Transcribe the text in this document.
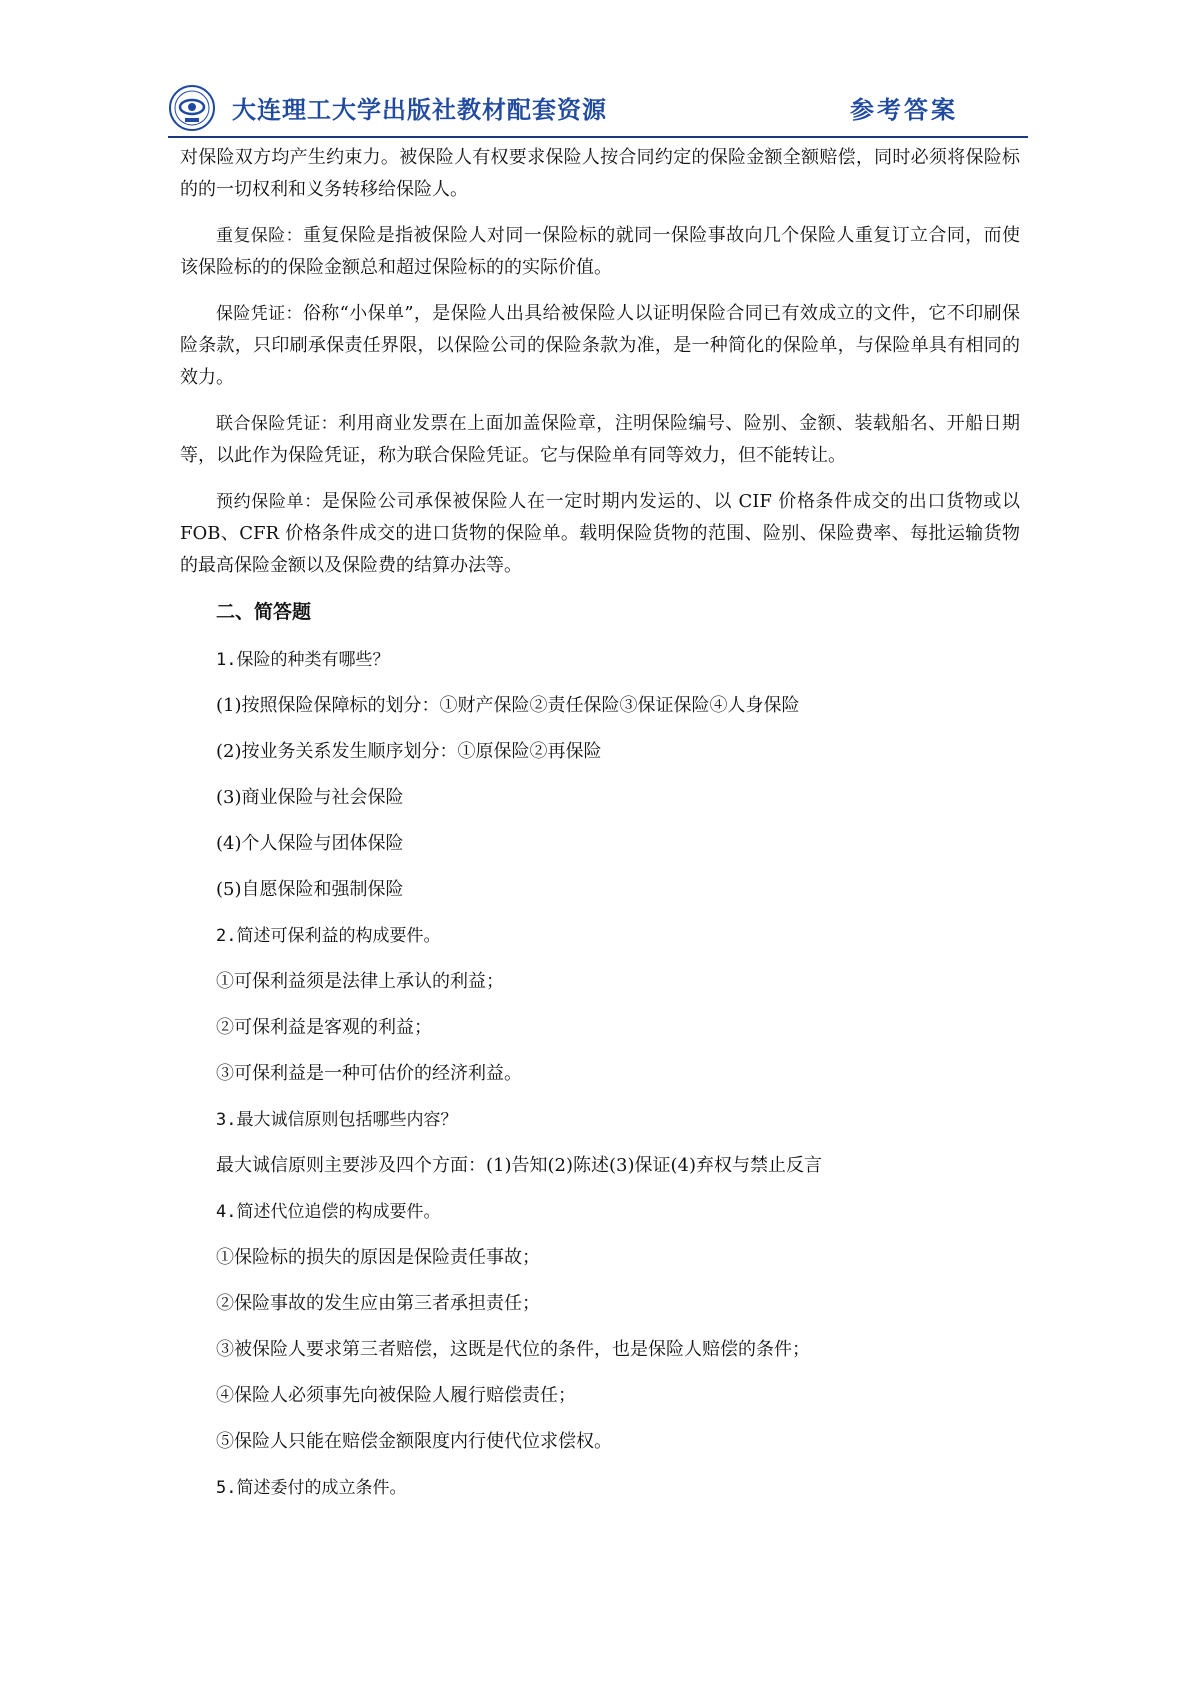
大连理工大学出版社教材配套资源	参考答案

对保险双方均产生约束力。被保险人有权要求保险人按合同约定的保险金额全额赔偿，同时必须将保险标的的一切权利和义务转移给保险人。

重复保险：重复保险是指被保险人对同一保险标的就同一保险事故向几个保险人重复订立合同，而使该保险标的的保险金额总和超过保险标的的实际价值。

保险凭证：俗称“小保单”，是保险人出具给被保险人以证明保险合同已有效成立的文件，它不印刷保险条款，只印刷承保责任界限，以保险公司的保险条款为准，是一种简化的保险单，与保险单具有相同的效力。

联合保险凭证：利用商业发票在上面加盖保险章，注明保险编号、险别、金额、装载船名、开船日期等，以此作为保险凭证，称为联合保险凭证。它与保险单有同等效力，但不能转让。

预约保险单：是保险公司承保被保险人在一定时期内发运的、以 CIF 价格条件成交的出口货物或以 FOB、CFR 价格条件成交的进口货物的保险单。载明保险货物的范围、险别、保险费率、每批运输货物的最高保险金额以及保险费的结算办法等。

二、简答题
1.保险的种类有哪些？
(1)按照保险保障标的划分：①财产保险②责任保险③保证保险④人身保险
(2)按业务关系发生顺序划分：①原保险②再保险
(3)商业保险与社会保险
(4)个人保险与团体保险
(5)自愿保险和强制保险
2.简述可保利益的构成要件。
①可保利益须是法律上承认的利益；
②可保利益是客观的利益；
③可保利益是一种可估价的经济利益。
3.最大诚信原则包括哪些内容？
最大诚信原则主要涉及四个方面：(1)告知(2)陈述(3)保证(4)弃权与禁止反言
4.简述代位追偿的构成要件。
①保险标的损失的原因是保险责任事故；
②保险事故的发生应由第三者承担责任；
③被保险人要求第三者赔偿，这既是代位的条件，也是保险人赔偿的条件；
④保险人必须事先向被保险人履行赔偿责任；
⑤保险人只能在赔偿金额限度内行使代位求偿权。
5.简述委付的成立条件。
